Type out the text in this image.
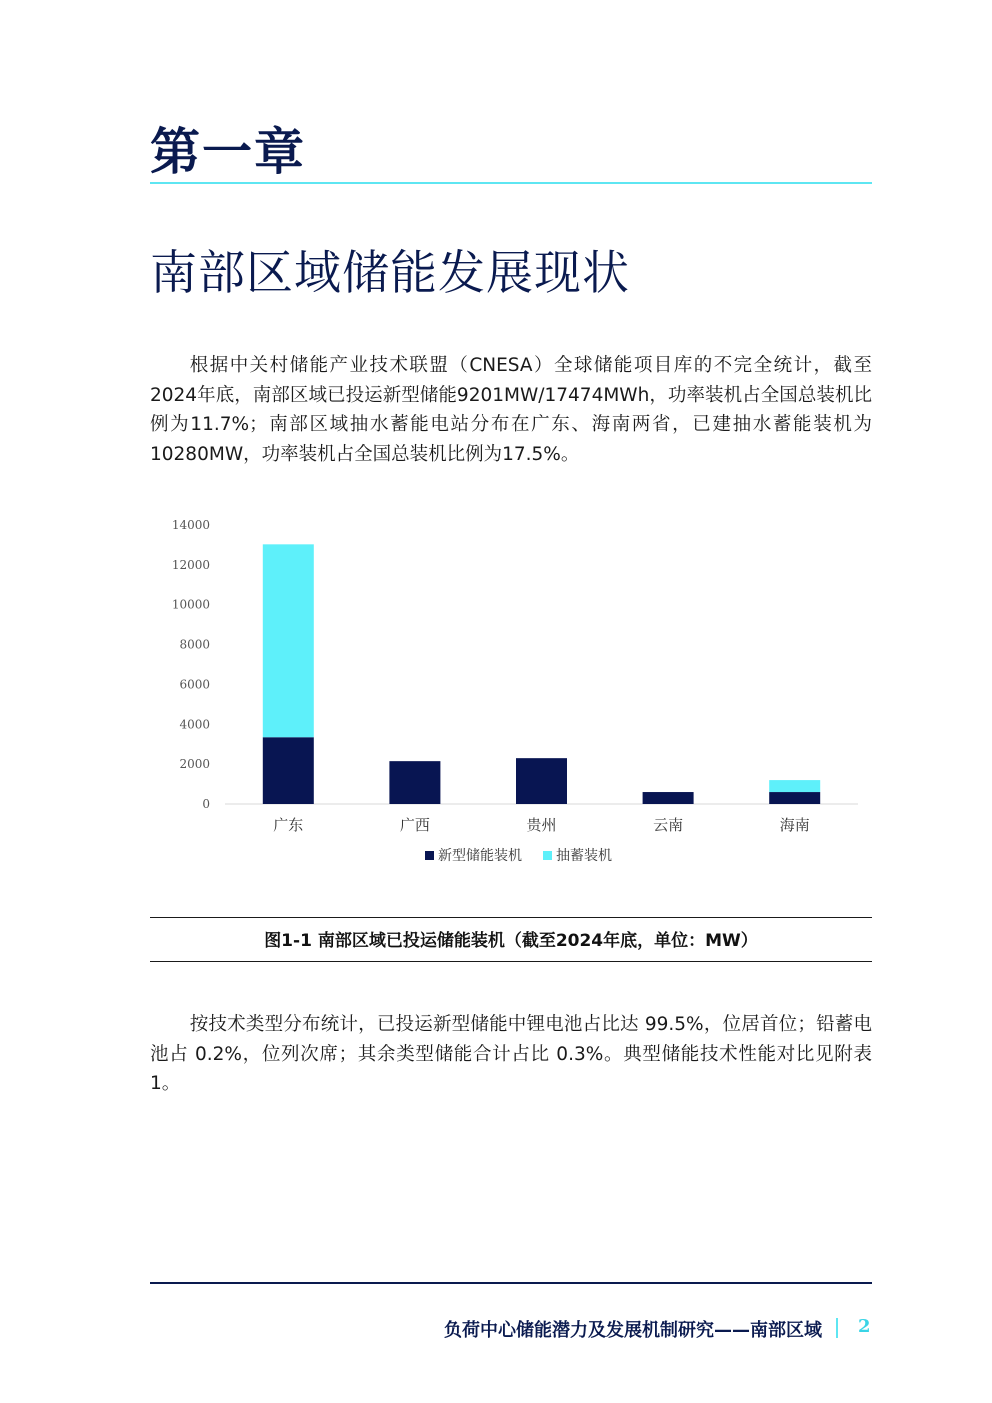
第一章
南部区域储能发展现状

根据中关村储能产业技术联盟（CNESA）全球储能项目库的不完全统计，截至2024年底，南部区域已投运新型储能9201MW/17474MWh，功率装机占全国总装机比例为11.7%；南部区域抽水蓄能电站分布在广东、海南两省，已建抽水蓄能装机为10280MW，功率装机占全国总装机比例为17.5%。

0
2000
4000
6000
8000
10000
12000
14000
广东	广西	贵州	云南	海南
新型储能装机 抽蓄装机

图1-1 南部区域已投运储能装机（截至2024年底，单位：MW）

按技术类型分布统计，已投运新型储能中锂电池占比达 99.5%，位居首位；铅蓄电池占 0.2%，位列次席；其余类型储能合计占比 0.3%。典型储能技术性能对比见附表1。

负荷中心储能潜力及发展机制研究——南部区域 2
